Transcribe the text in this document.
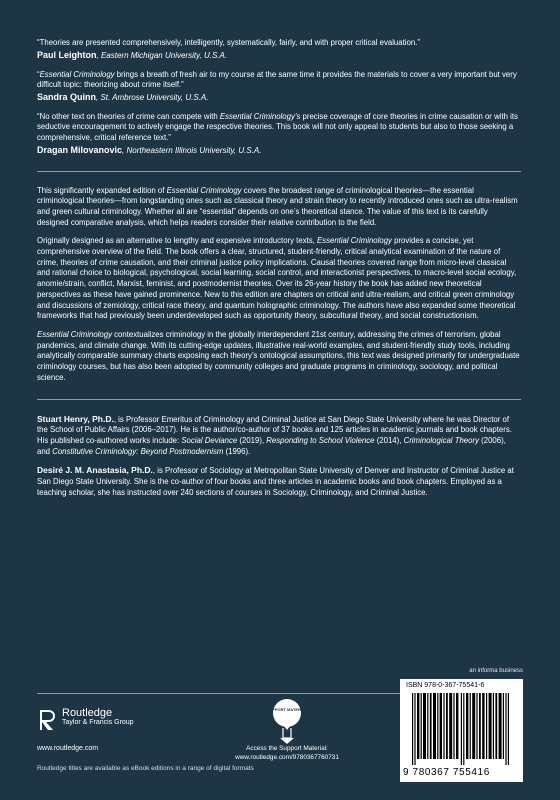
“Theories are presented comprehensively, intelligently, systematically, fairly, and with proper critical evaluation.”

Paul Leighton, Eastern Michigan University, U.S.A.

“Essential Criminology brings a breath of fresh air to my course at the same time it provides the materials to cover a very important but very difficult topic: theorizing about crime itself.”

Sandra Quinn, St. Ambrose University, U.S.A.

“No other text on theories of crime can compete with Essential Criminology’s precise coverage of core theories in crime causation or with its seductive encouragement to actively engage the respective theories. This book will not only appeal to students but also to those seeking a comprehensive, critical reference text.”

Dragan Milovanovic, Northeastern Illinois University, U.S.A.

This significantly expanded edition of Essential Criminology covers the broadest range of criminological theories—the essential criminological theories—from longstanding ones such as classical theory and strain theory to recently introduced ones such as ultra-realism and green cultural criminology. Whether all are “essential” depends on one’s theoretical stance. The value of this text is its carefully designed comparative analysis, which helps readers consider their relative contribution to the field.

Originally designed as an alternative to lengthy and expensive introductory texts, Essential Criminology provides a concise, yet comprehensive overview of the field. The book offers a clear, structured, student-friendly, critical analytical examination of the nature of crime, theories of crime causation, and their criminal justice policy implications. Causal theories covered range from micro-level classical and rational choice to biological, psychological, social learning, social control, and interactionist perspectives, to macro-level social ecology, anomie/strain, conflict, Marxist, feminist, and postmodernist theories. Over its 26-year history the book has added new theoretical perspectives as these have gained prominence. New to this edition are chapters on critical and ultra-realism, and critical green criminology and discussions of zemiology, critical race theory, and quantum holographic criminology. The authors have also expanded some theoretical frameworks that had previously been underdeveloped such as opportunity theory, subcultural theory, and social constructionism.

Essential Criminology contextualizes criminology in the globally interdependent 21st century, addressing the crimes of terrorism, global pandemics, and climate change. With its cutting-edge updates, illustrative real-world examples, and student-friendly study tools, including analytically comparable summary charts exposing each theory’s ontological assumptions, this text was designed primarily for undergraduate criminology courses, but has also been adopted by community colleges and graduate programs in criminology, sociology, and political science.

Stuart Henry, Ph.D., is Professor Emeritus of Criminology and Criminal Justice at San Diego State University where he was Director of the School of Public Affairs (2006–2017). He is the author/co-author of 37 books and 125 articles in academic journals and book chapters. His published co-authored works include: Social Deviance (2019), Responding to School Violence (2014), Criminological Theory (2006), and Constitutive Criminology: Beyond Postmodernism (1996).

Desiré J. M. Anastasia, Ph.D., is Professor of Sociology at Metropolitan State University of Denver and Instructor of Criminal Justice at San Diego State University. She is the co-author of four books and three articles in academic books and book chapters. Employed as a teaching scholar, she has instructed over 240 sections of courses in Sociology, Criminology, and Criminal Justice.

Routledge
Taylor & Francis Group
www.routledge.com
Routledge titles are available as eBook editions in a range of digital formats
SUPPORT MATERIAL
Access the Support Material:
www.routledge.com/9780367760731
an informa business
ISBN 978-0-367-75541-6
9 780367 755416
